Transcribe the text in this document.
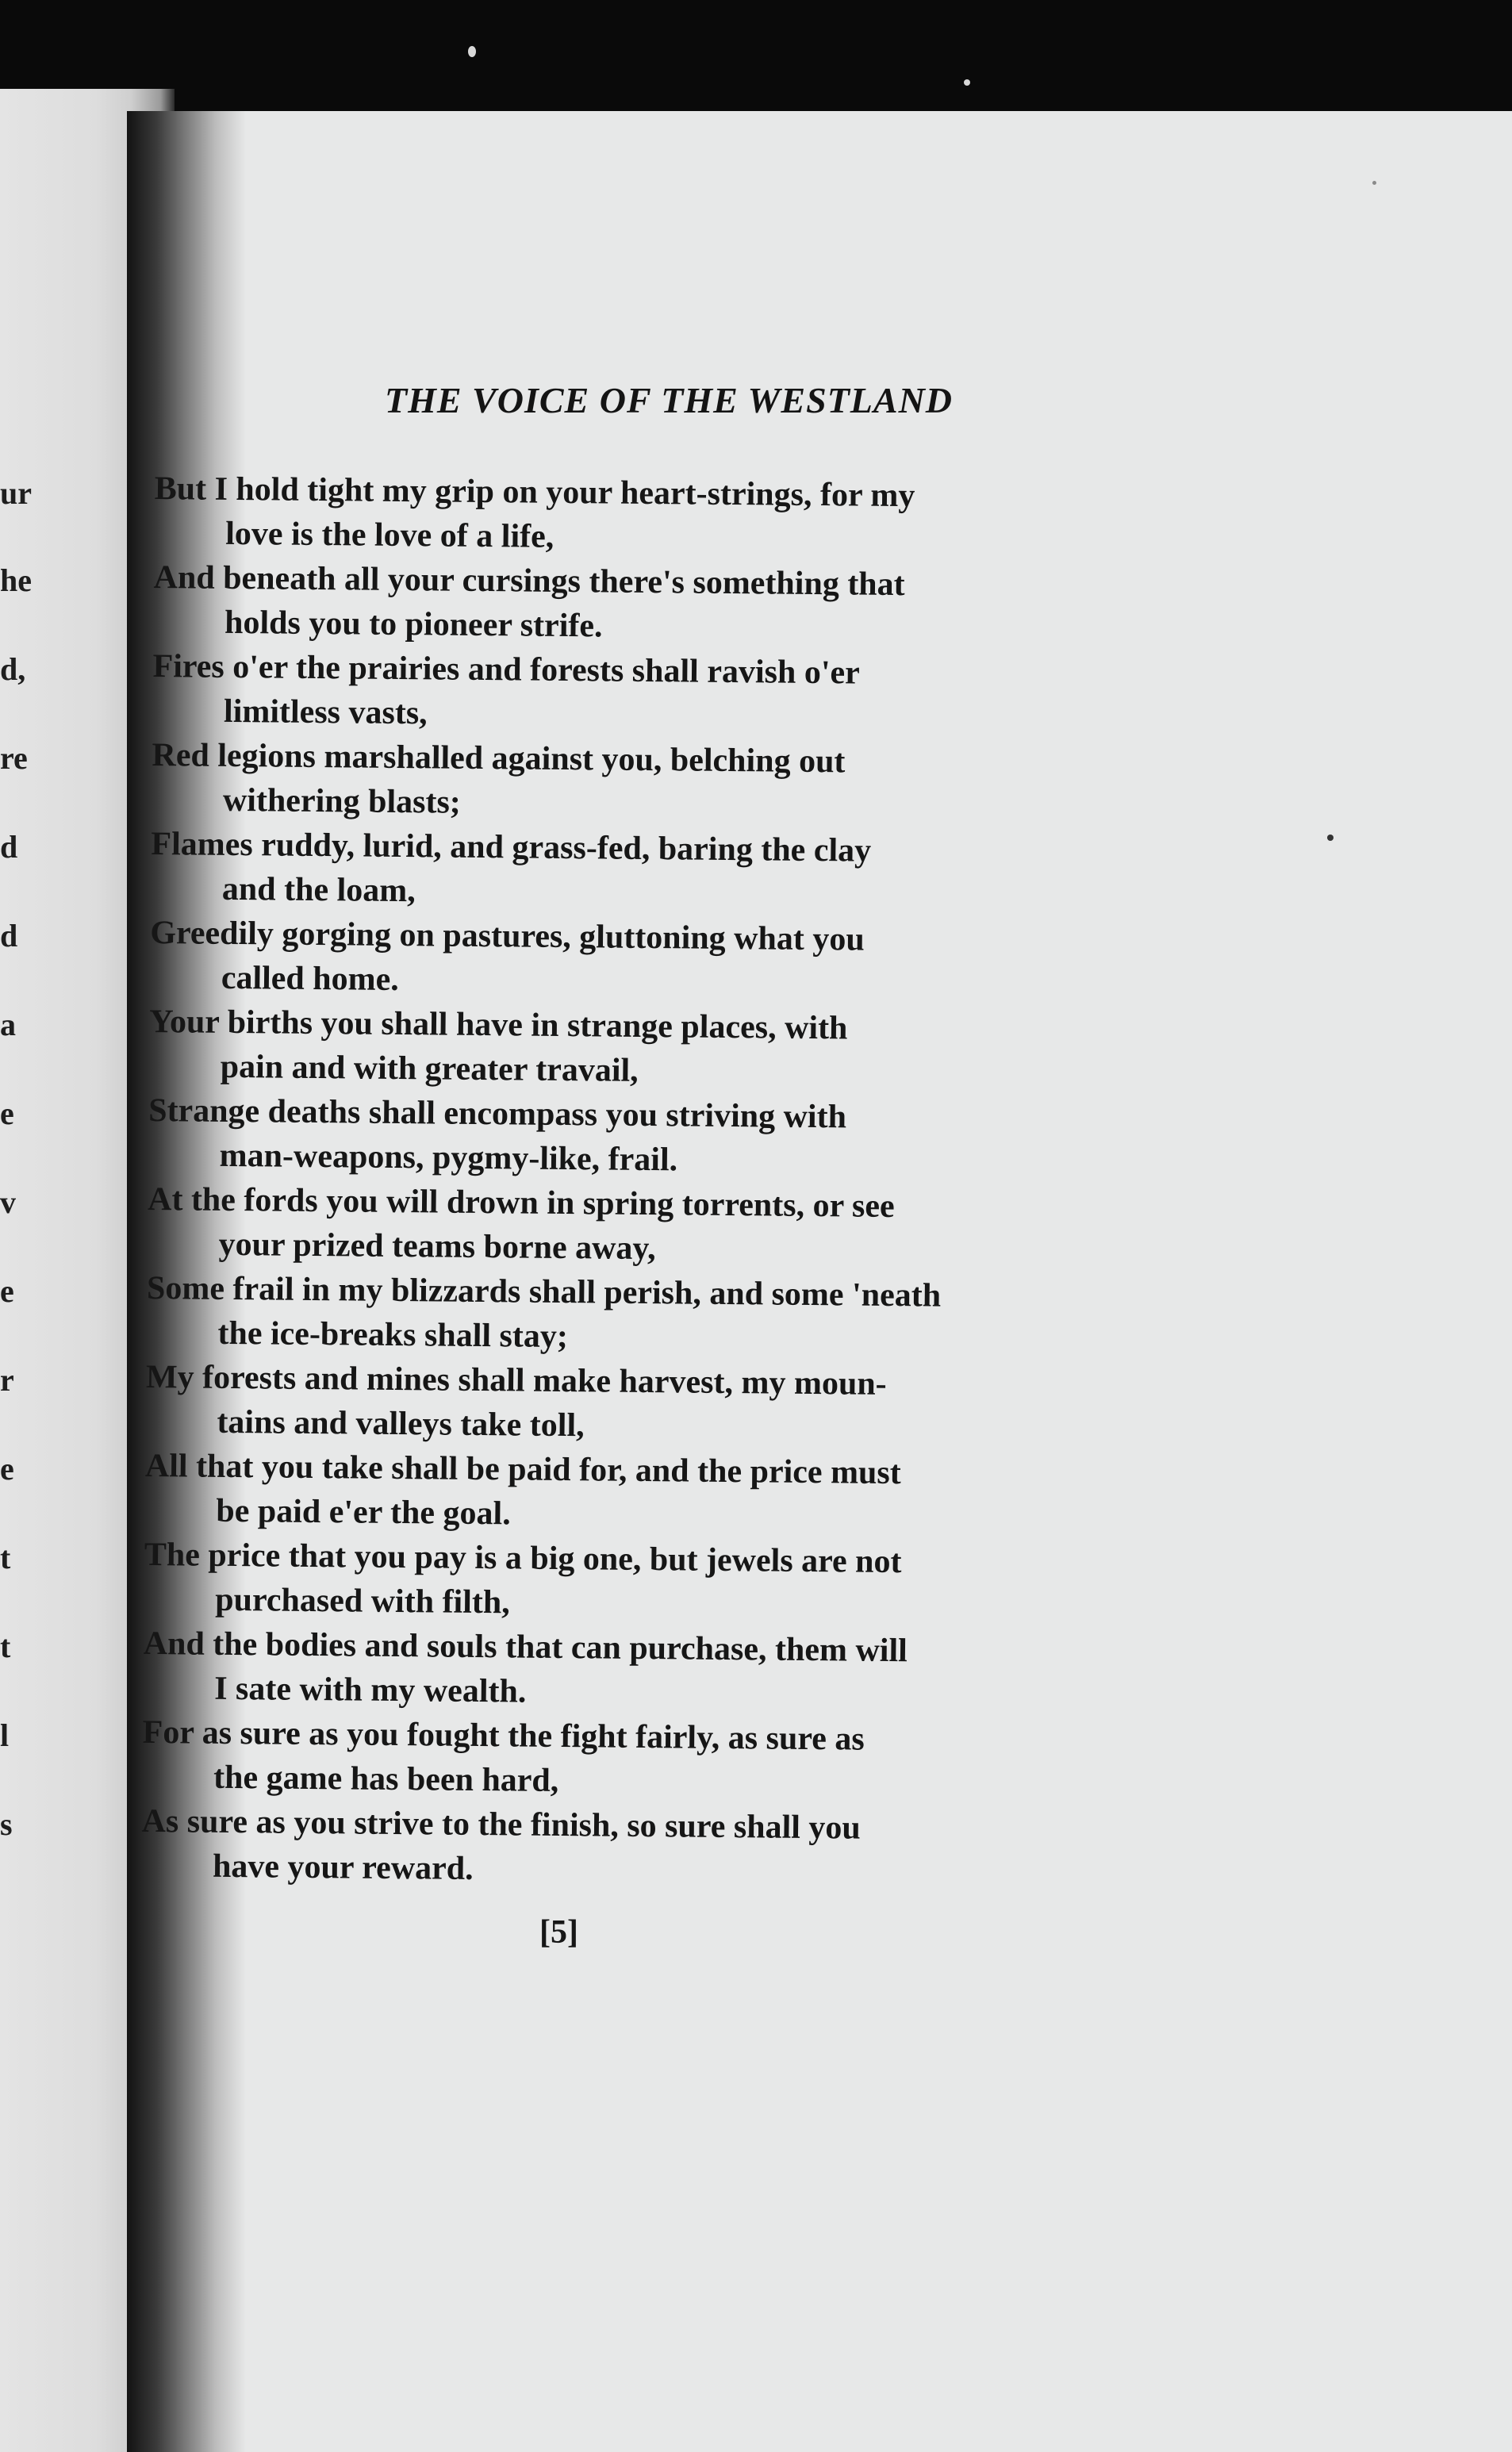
ur
he
d,
re
d
d
a
e
v
e
r
e
t
t
l
s
THE VOICE OF THE WESTLAND
But I hold tight my grip on your heart-strings, for my
love is the love of a life,
And beneath all your cursings there's something that
holds you to pioneer strife.
Fires o'er the prairies and forests shall ravish o'er
limitless vasts,
Red legions marshalled against you, belching out
withering blasts;
Flames ruddy, lurid, and grass-fed, baring the clay
and the loam,
Greedily gorging on pastures, gluttoning what you
called home.
Your births you shall have in strange places, with
pain and with greater travail,
Strange deaths shall encompass you striving with
man-weapons, pygmy-like, frail.
At the fords you will drown in spring torrents, or see
your prized teams borne away,
Some frail in my blizzards shall perish, and some 'neath
the ice-breaks shall stay;
My forests and mines shall make harvest, my moun-
tains and valleys take toll,
All that you take shall be paid for, and the price must
be paid e'er the goal.
The price that you pay is a big one, but jewels are not
purchased with filth,
And the bodies and souls that can purchase, them will
I sate with my wealth.
For as sure as you fought the fight fairly, as sure as
the game has been hard,
As sure as you strive to the finish, so sure shall you
have your reward.
[5]
